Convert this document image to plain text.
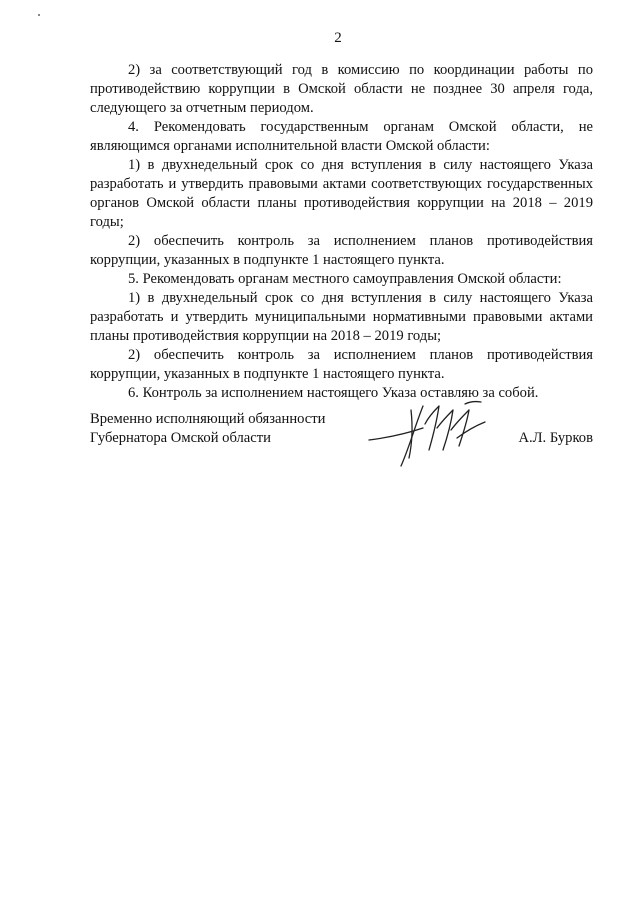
2

2) за соответствующий год в комиссию по координации работы по противодействию коррупции в Омской области не позднее 30 апреля года, следующего за отчетным периодом.

4. Рекомендовать государственным органам Омской области, не являющимся органами исполнительной власти Омской области:

1) в двухнедельный срок со дня вступления в силу настоящего Указа разработать и утвердить правовыми актами соответствующих государственных органов Омской области планы противодействия коррупции на 2018 – 2019 годы;

2) обеспечить контроль за исполнением планов противодействия коррупции, указанных в подпункте 1 настоящего пункта.

5. Рекомендовать органам местного самоуправления Омской области:

1) в двухнедельный срок со дня вступления в силу настоящего Указа разработать и утвердить муниципальными нормативными правовыми актами планы противодействия коррупции на 2018 – 2019 годы;

2) обеспечить контроль за исполнением планов противодействия коррупции, указанных в подпункте 1 настоящего пункта.

6. Контроль за исполнением настоящего Указа оставляю за собой.

Временно исполняющий обязанности
Губернатора Омской области	А.Л. Бурков
